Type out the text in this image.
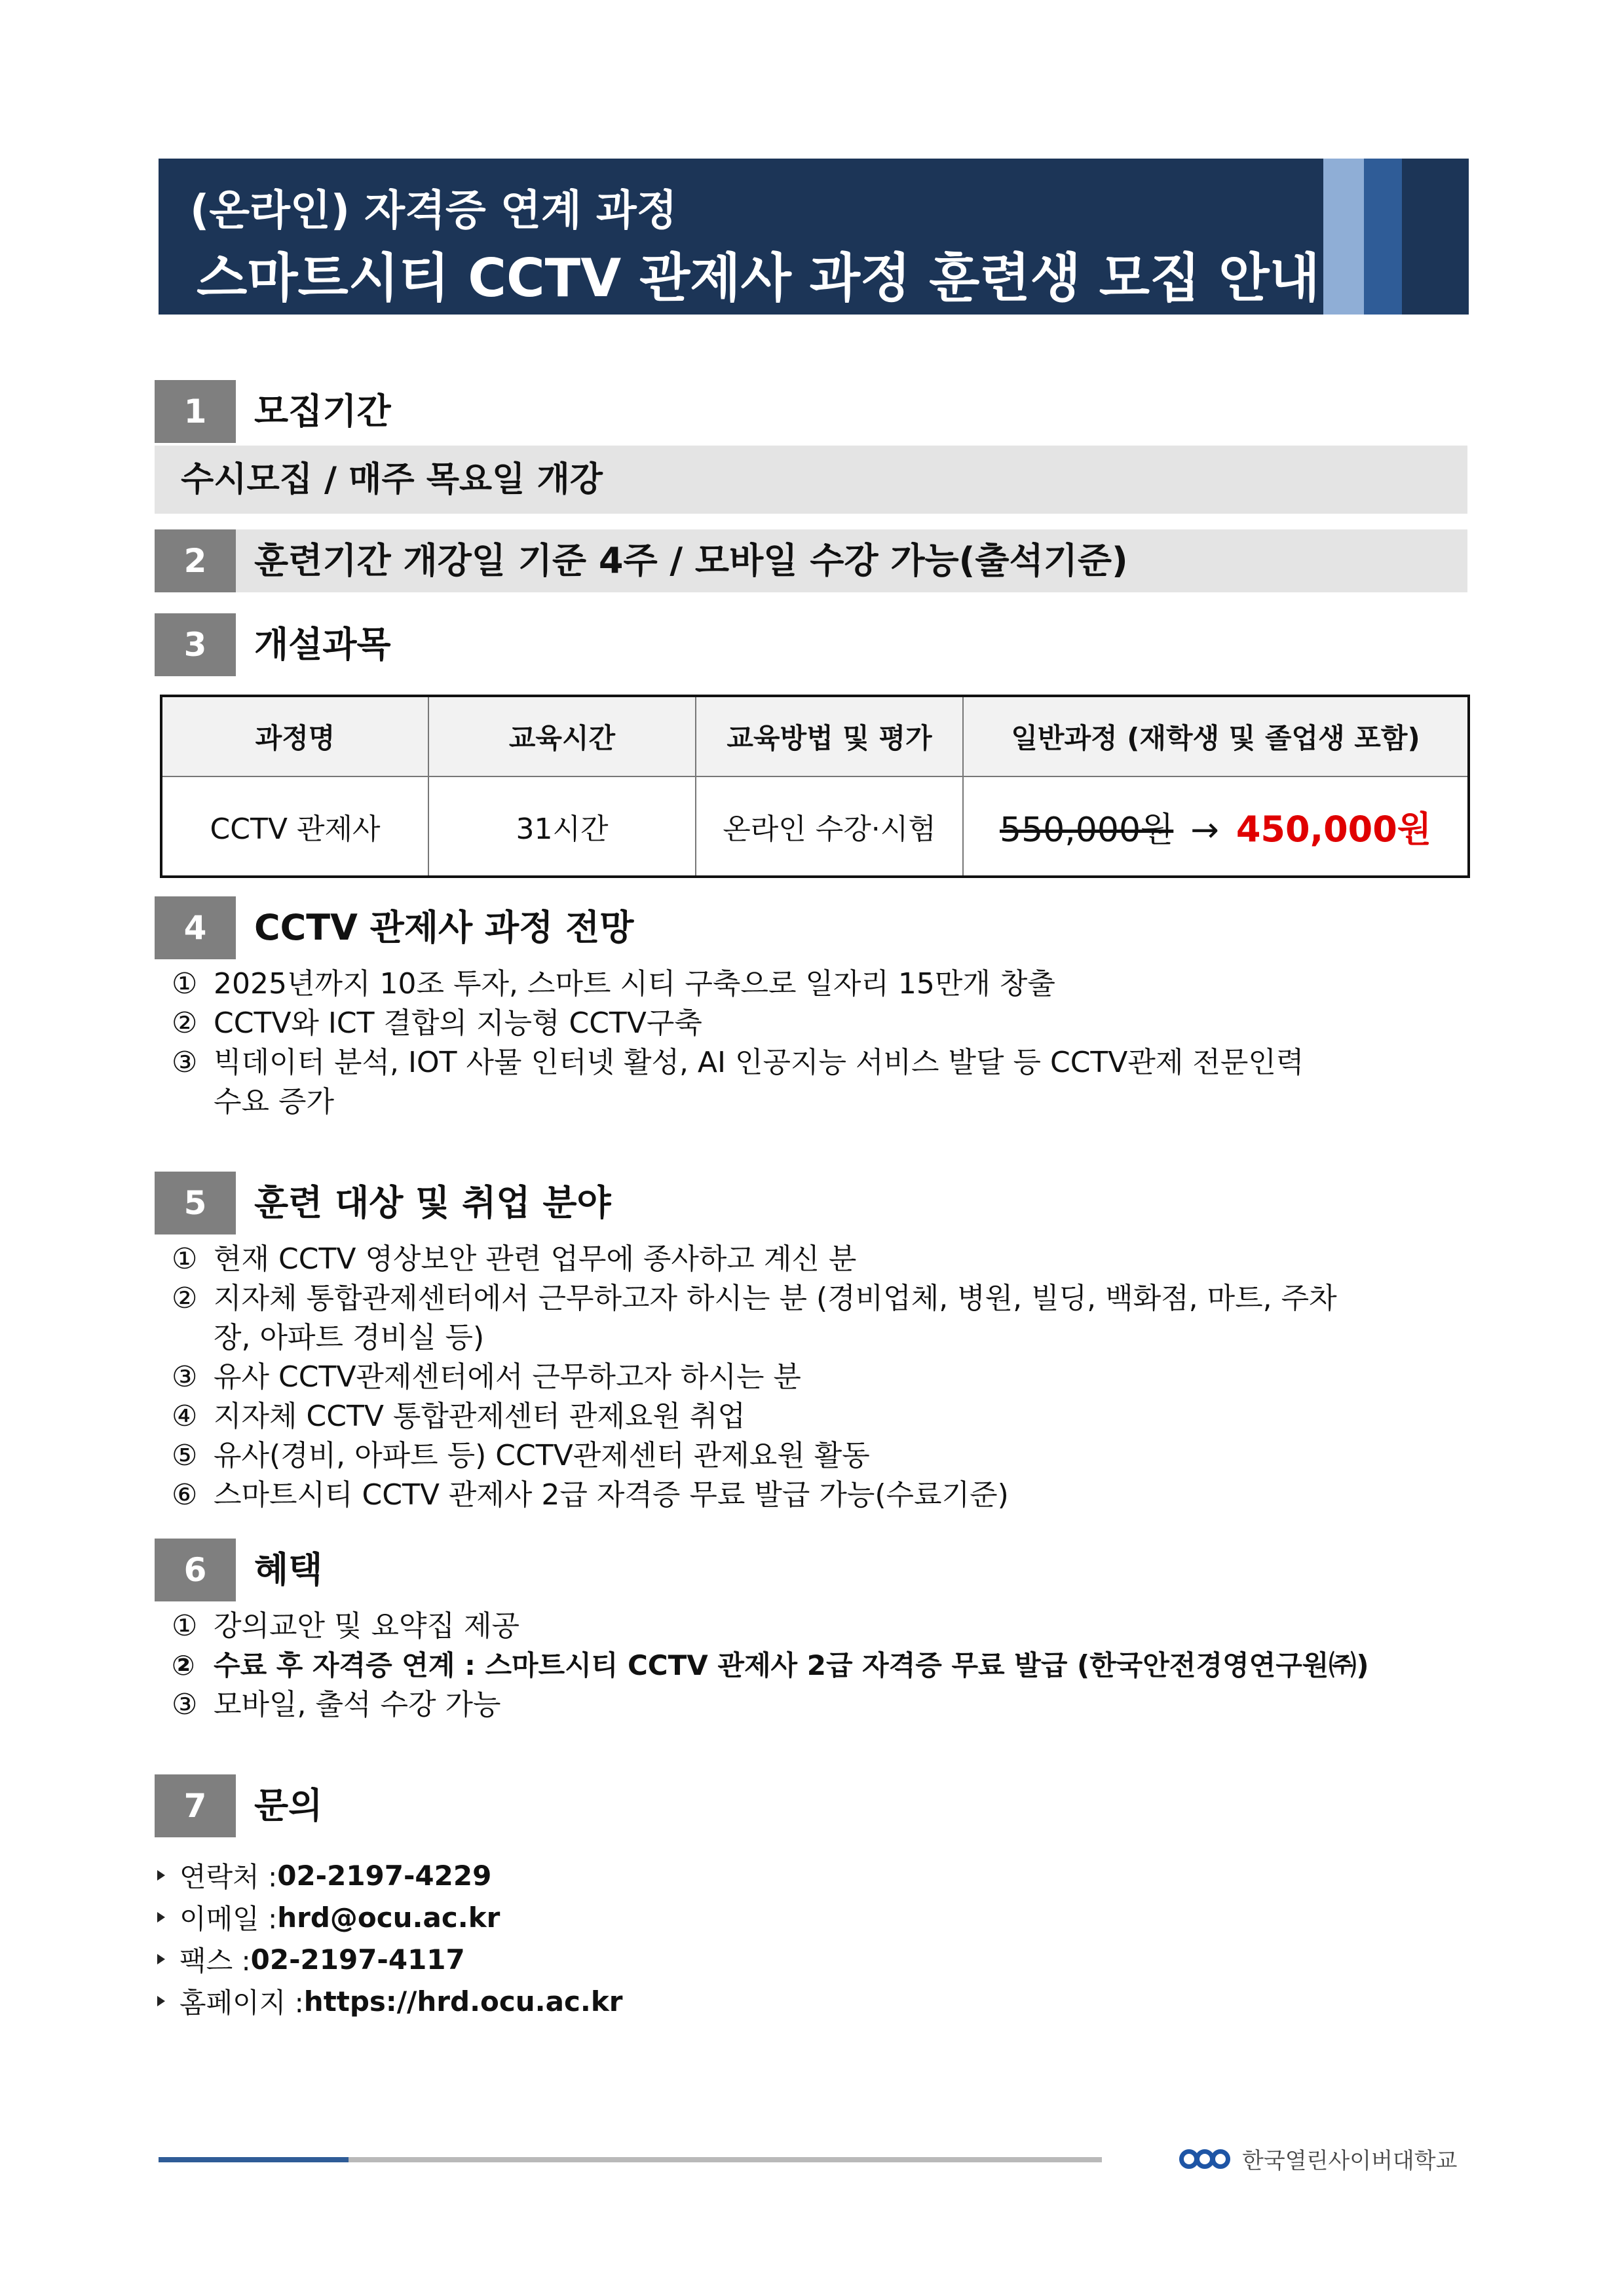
(온라인) 자격증 연계 과정
스마트시티 CCTV 관제사 과정 훈련생 모집 안내
1	모집기간
수시모집 / 매주 목요일 개강
2	훈련기간 개강일 기준 4주 / 모바일 수강 가능(출석기준)
3	개설과목
과정명	교육시간	교육방법 및 평가	일반과정 (재학생 및 졸업생 포함)
CCTV 관제사	31시간	온라인 수강·시험	550,000원 → 450,000원
4	CCTV 관제사 과정 전망
① 2025년까지 10조 투자, 스마트 시티 구축으로 일자리 15만개 창출
② CCTV와 ICT 결합의 지능형 CCTV구축
③ 빅데이터 분석, IOT 사물 인터넷 활성, AI 인공지능 서비스 발달 등 CCTV관제 전문인력
수요 증가
5	훈련 대상 및 취업 분야
① 현재 CCTV 영상보안 관련 업무에 종사하고 계신 분
② 지자체 통합관제센터에서 근무하고자 하시는 분 (경비업체, 병원, 빌딩, 백화점, 마트, 주차
장, 아파트 경비실 등)
③ 유사 CCTV관제센터에서 근무하고자 하시는 분
④ 지자체 CCTV 통합관제센터 관제요원 취업
⑤ 유사(경비, 아파트 등) CCTV관제센터 관제요원 활동
⑥ 스마트시티 CCTV 관제사 2급 자격증 무료 발급 가능(수료기준)
6	혜택
① 강의교안 및 요약집 제공
② 수료 후 자격증 연계 : 스마트시티 CCTV 관제사 2급 자격증 무료 발급 (한국안전경영연구원㈜)
③ 모바일, 출석 수강 가능
7	문의
연락처 : 02-2197-4229
이메일 : hrd@ocu.ac.kr
팩스 : 02-2197-4117
홈페이지 : https://hrd.ocu.ac.kr
한국열린사이버대학교
